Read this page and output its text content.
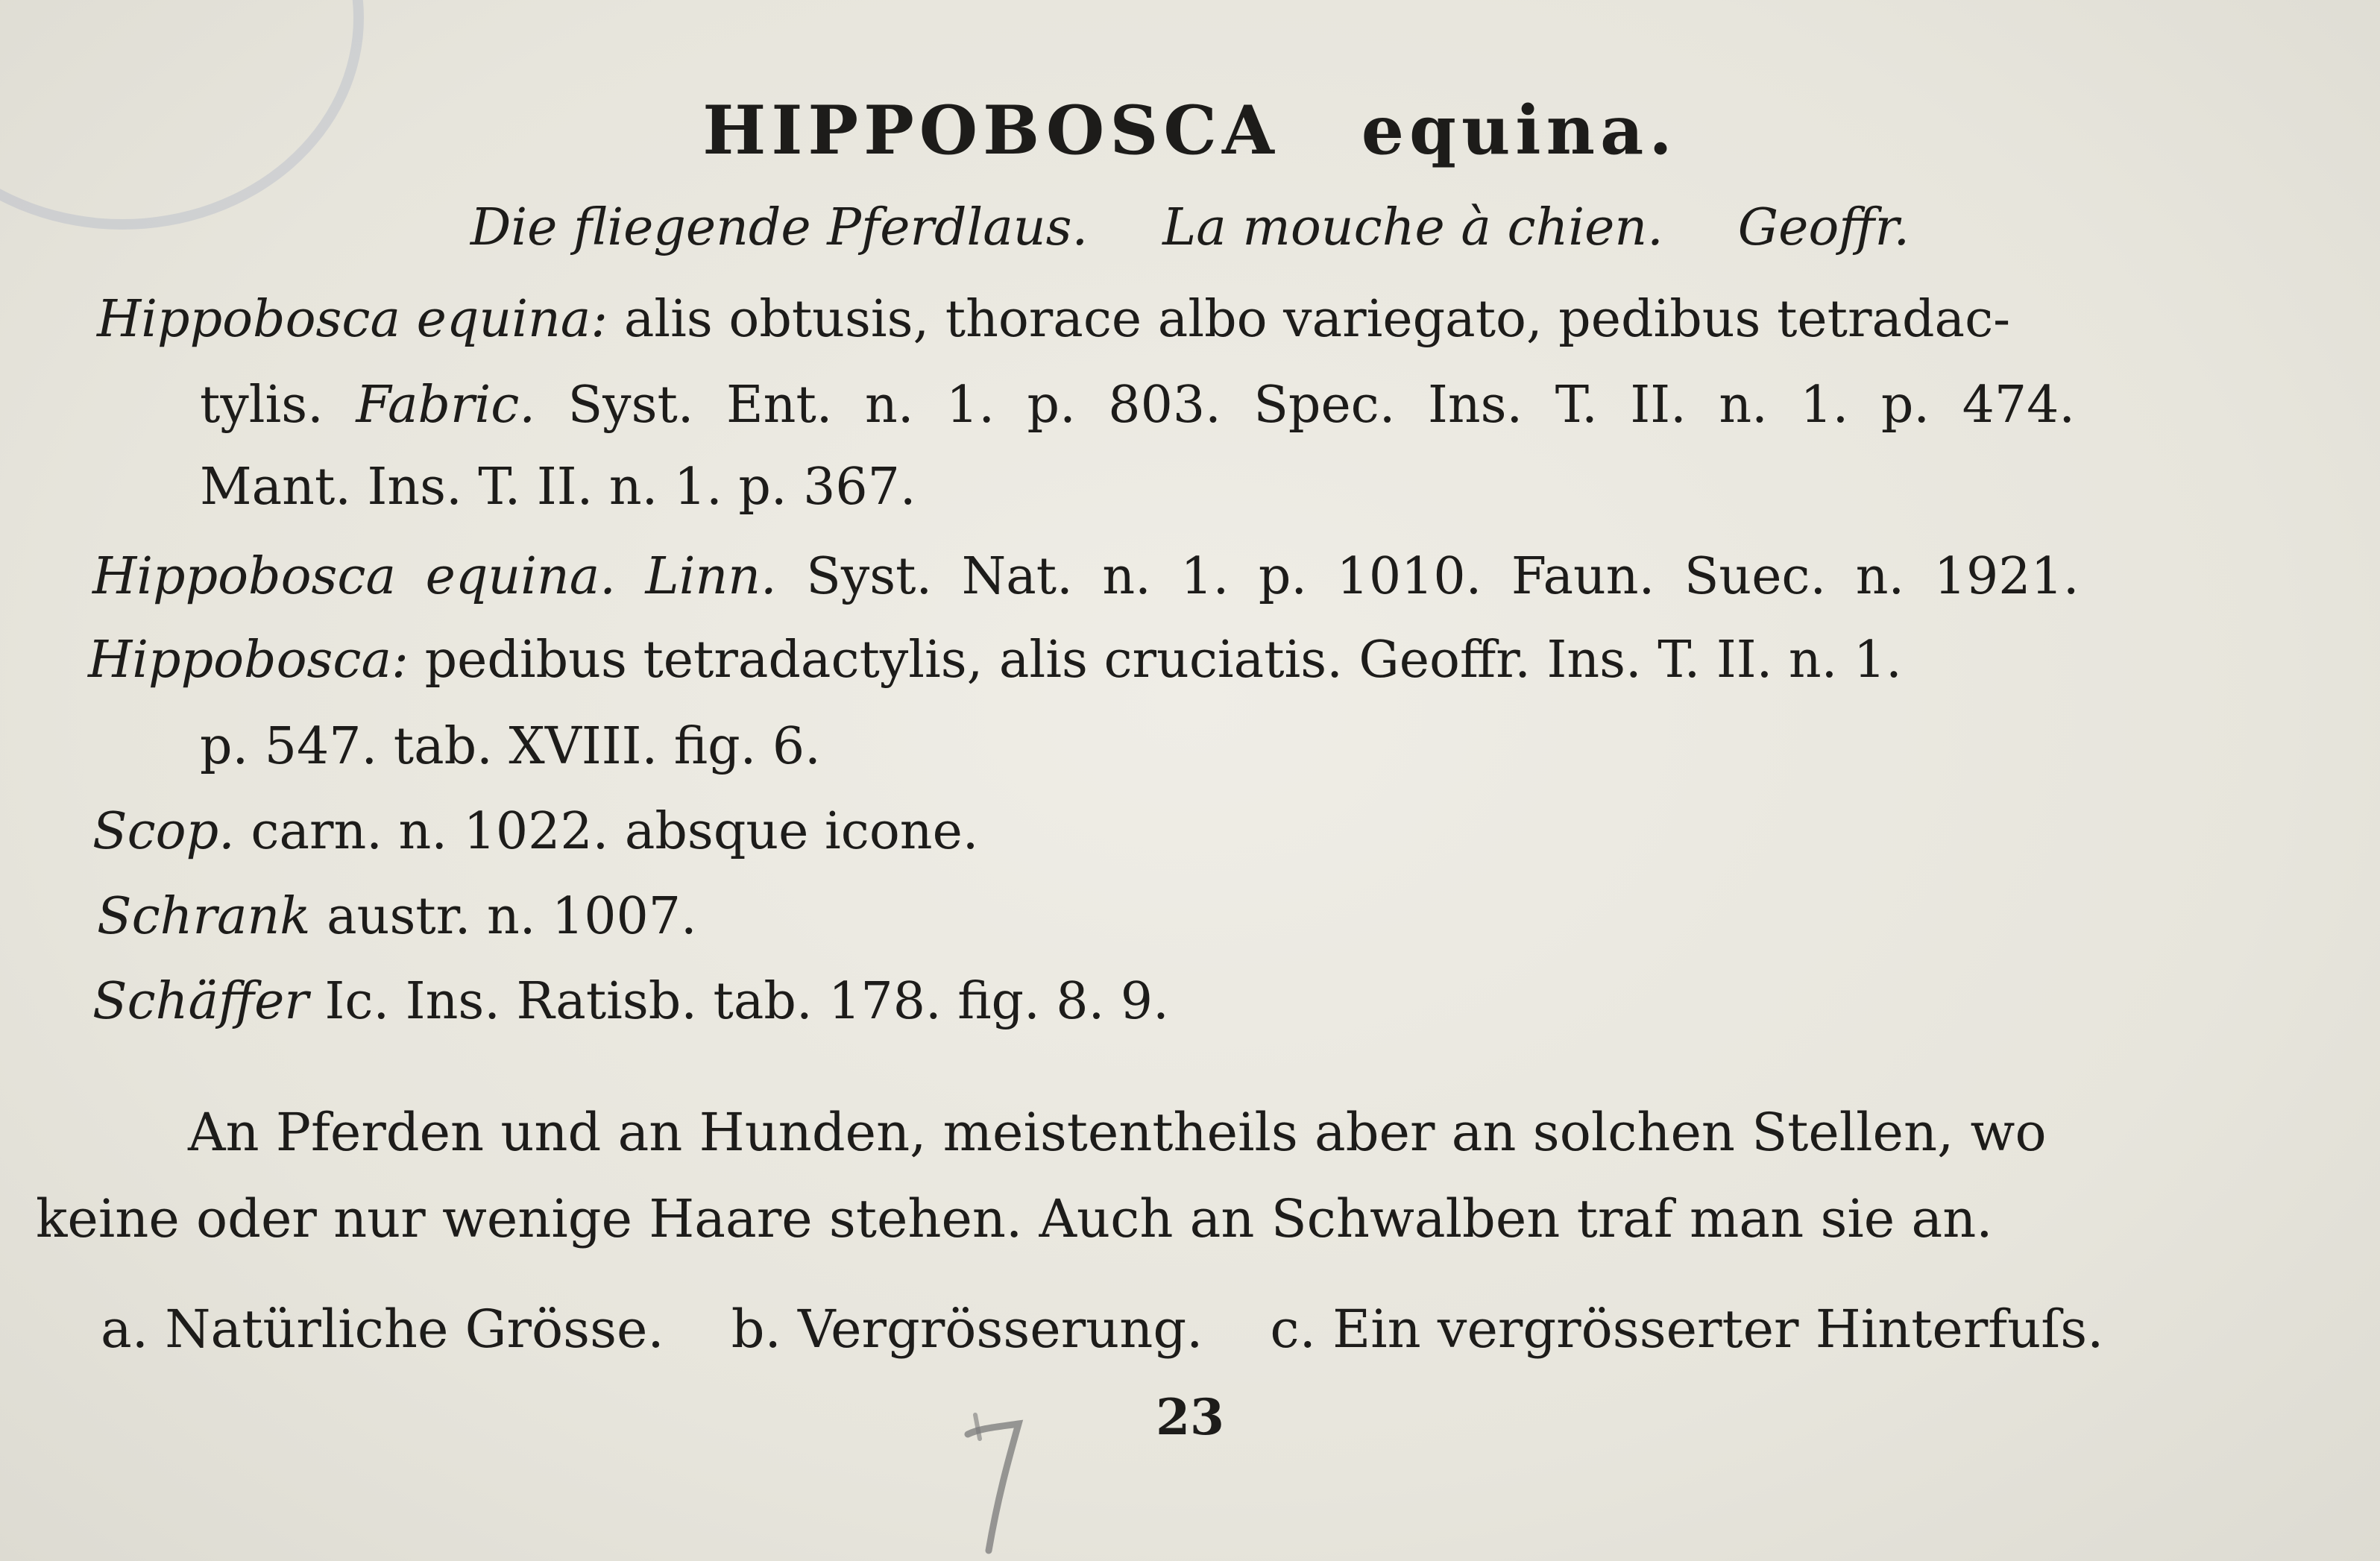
HIPPOBOSCA equina.

Die fliegende Pferdlaus. La mouche à chien. Geoffr.

Hippobosca equina: alis obtusis, thorace albo variegato, pedibus tetradac-

tylis. Fabric. Syst. Ent. n. 1. p. 803. Spec. Ins. T. II. n. 1. p. 474.

Mant. Ins. T. II. n. 1. p. 367.

Hippobosca equina. Linn. Syst. Nat. n. 1. p. 1010. Faun. Suec. n. 1921.

Hippobosca: pedibus tetradactylis, alis cruciatis. Geoffr. Ins. T. II. n. 1.

p. 547. tab. XVIII. fig. 6.

Scop. carn. n. 1022. absque icone.

Schrank austr. n. 1007.

Schäffer Ic. Ins. Ratisb. tab. 178. fig. 8. 9.

An Pferden und an Hunden, meistentheils aber an solchen Stellen, wo

keine oder nur wenige Haare stehen. Auch an Schwalben traf man sie an.

a. Natürliche Grösse. b. Vergrösserung. c. Ein vergrösserter Hinterfuſs.

23
